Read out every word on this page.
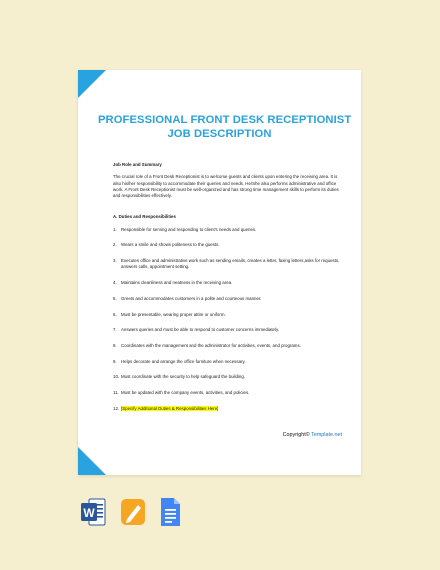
PROFESSIONAL FRONT DESK RECEPTIONIST
JOB DESCRIPTION

Job Role and Summary

The crucial role of a Front Desk Receptionist is to welcome guests and clients upon entering the receiving area. It is also his/her responsibility to accommodate their queries and needs. He/She also performs administrative and office work. A Front Desk Receptionist must be well-organized and has strong time management skills to perform its duties and responsibilities effectively.

A. Duties and Responsibilities

1. Responsible for serving and responding to client's needs and queries.
2. Wears a smile and shows politeness to the guests.
3. Executes office and administrative work such as sending emails, creates a letter, faxing letters,asks for requests, answers calls, appointment setting.
4. Maintains cleanliness and neatness in the receiving area.
5. Greets and accommodates customers in a polite and courteous manner.
6. Must be presentable, wearing proper attire or uniform.
7. Answers queries and must be able to respond to customer concerns immediately.
8. Coordinates with the management and the administrator for activities, events, and programs.
9. Helps decorate and arrange the office furniture when necessary.
10. Must coordinate with the security to help safeguard the building.
11. Must be updated with the company events, activities, and policies.
12. [Specify Additional Duties & Responsibilities Here]
Copyright© Template.net
W
